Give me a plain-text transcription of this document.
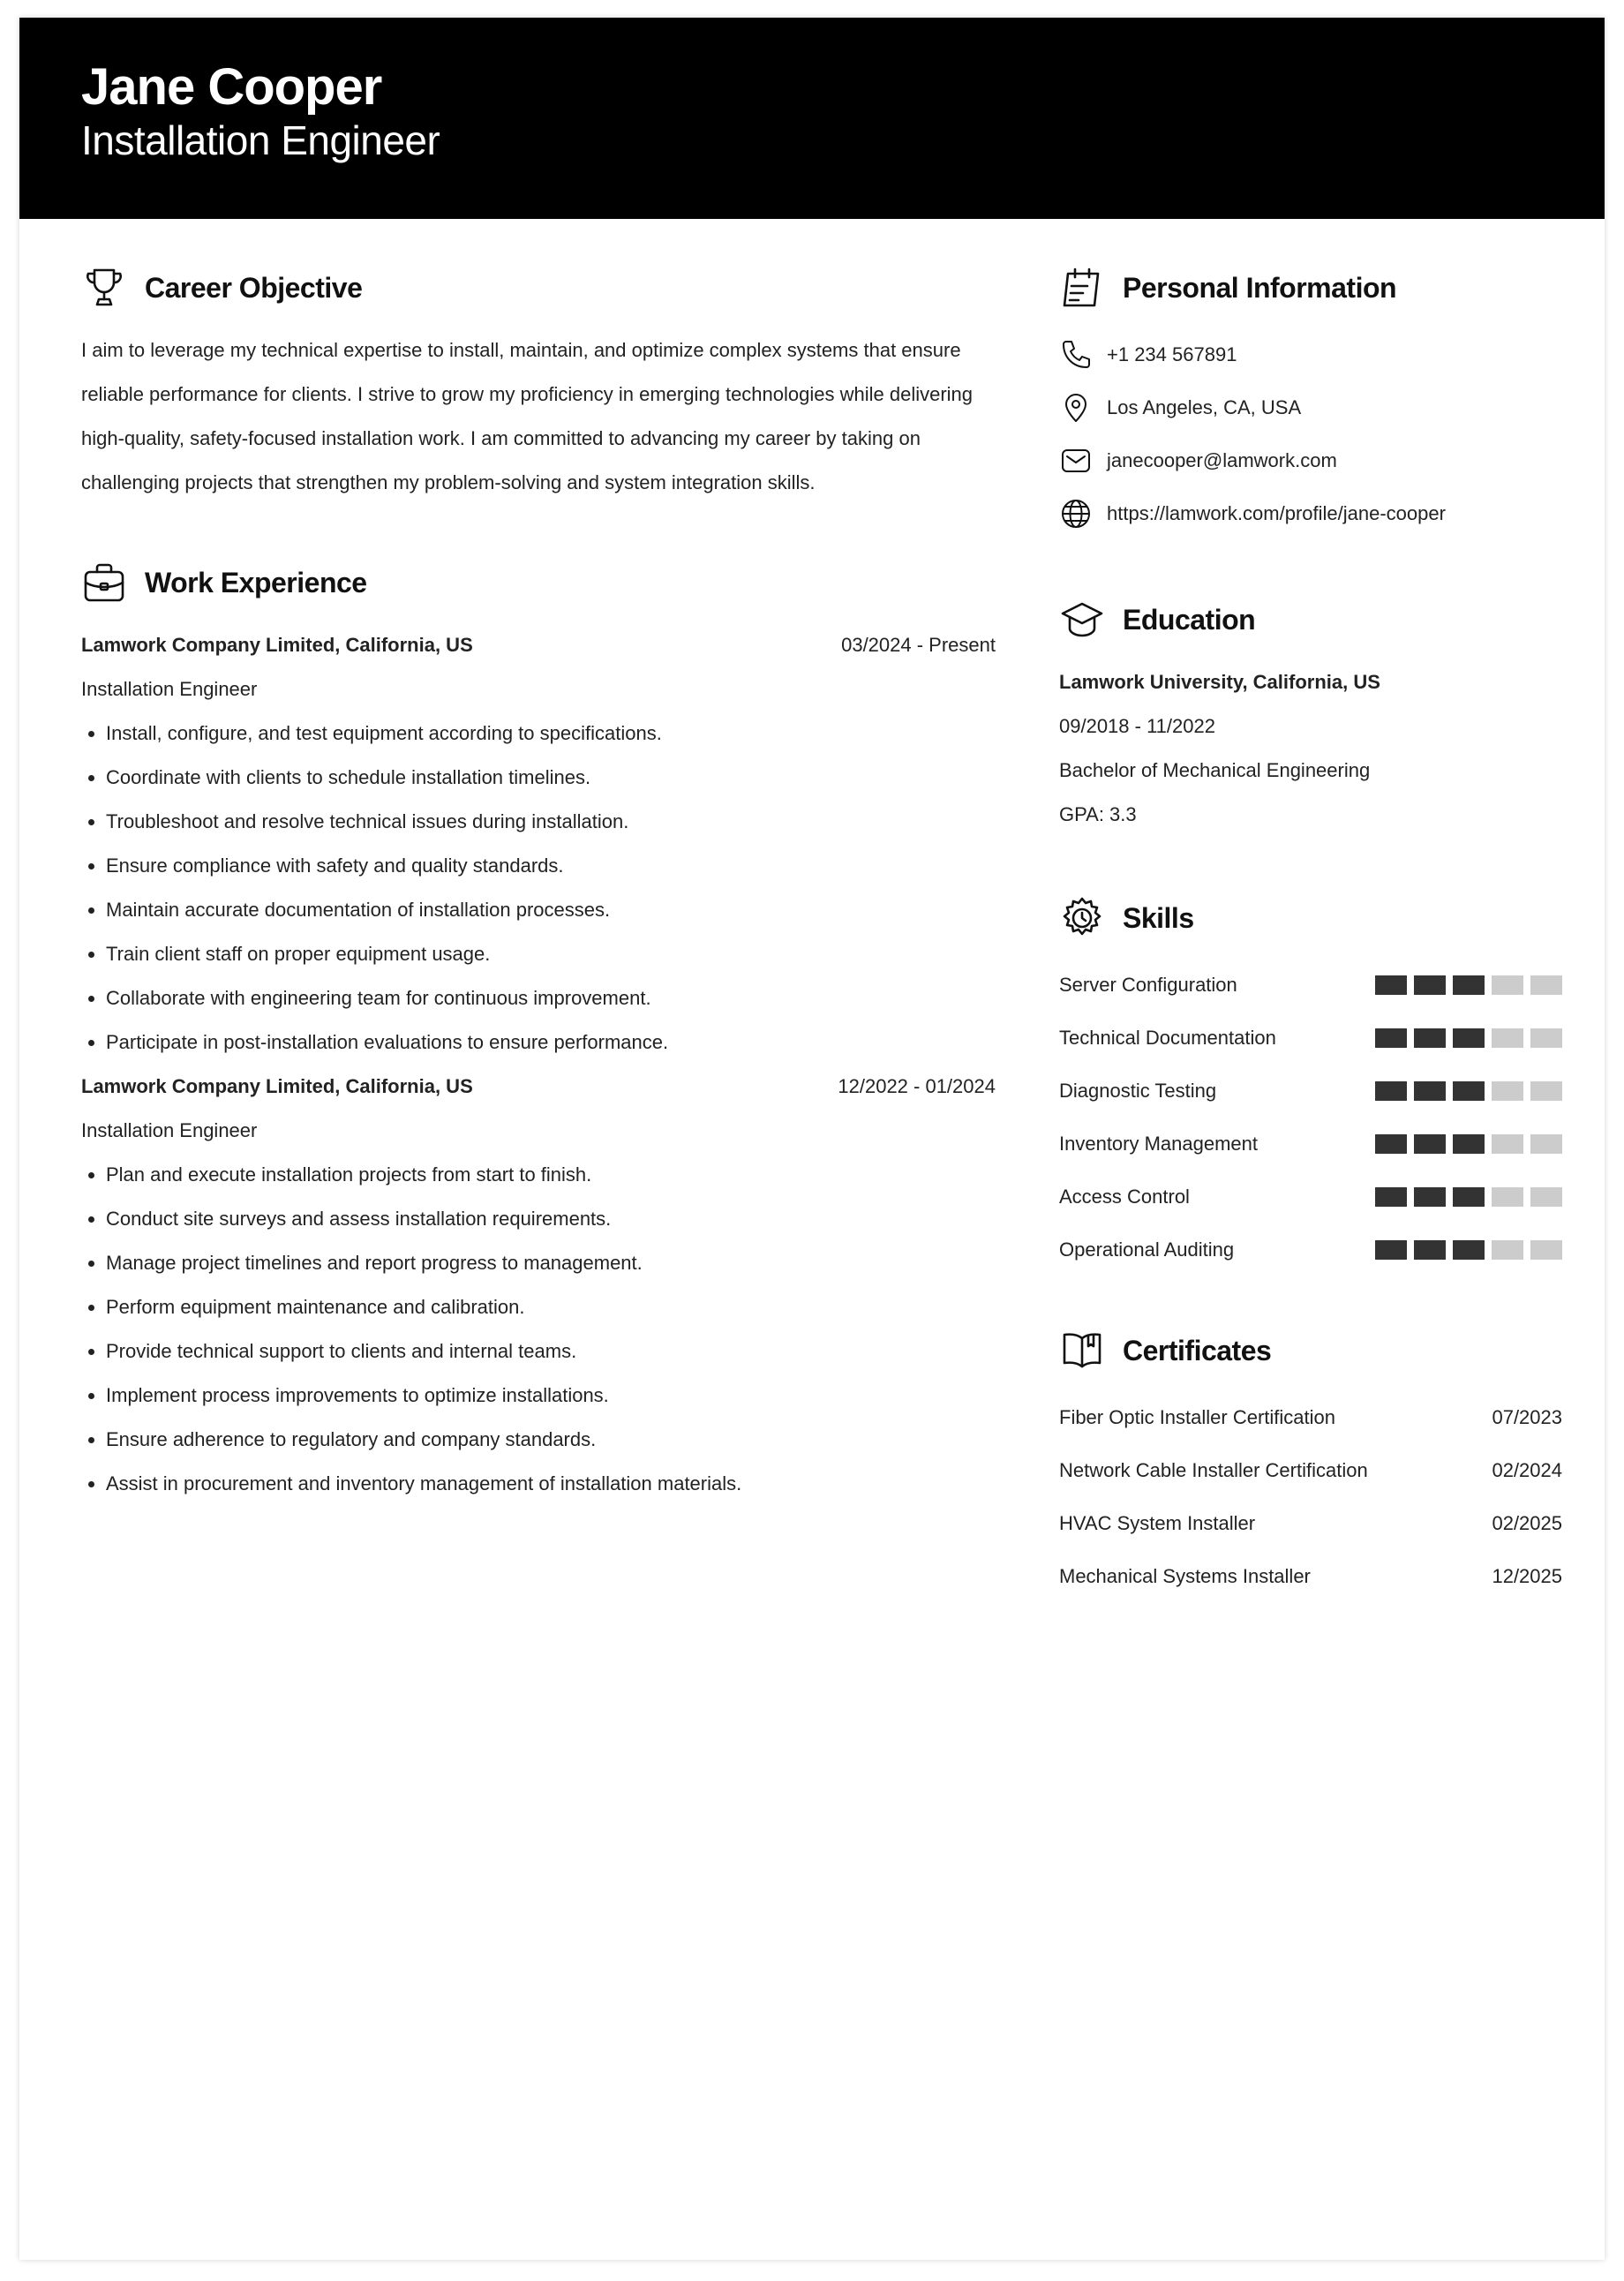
Jane Cooper
Installation Engineer
Career Objective

I aim to leverage my technical expertise to install, maintain, and optimize complex systems that ensure reliable performance for clients. I strive to grow my proficiency in emerging technologies while delivering high-quality, safety-focused installation work. I am committed to advancing my career by taking on challenging projects that strengthen my problem-solving and system integration skills.

Work Experience
Lamwork Company Limited, California, US	03/2024 - Present
Installation Engineer
• Install, configure, and test equipment according to specifications.
• Coordinate with clients to schedule installation timelines.
• Troubleshoot and resolve technical issues during installation.
• Ensure compliance with safety and quality standards.
• Maintain accurate documentation of installation processes.
• Train client staff on proper equipment usage.
• Collaborate with engineering team for continuous improvement.
• Participate in post-installation evaluations to ensure performance.
Lamwork Company Limited, California, US	12/2022 - 01/2024
Installation Engineer
• Plan and execute installation projects from start to finish.
• Conduct site surveys and assess installation requirements.
• Manage project timelines and report progress to management.
• Perform equipment maintenance and calibration.
• Provide technical support to clients and internal teams.
• Implement process improvements to optimize installations.
• Ensure adherence to regulatory and company standards.
• Assist in procurement and inventory management of installation materials.
Personal Information
+1 234 567891
Los Angeles, CA, USA
janecooper@lamwork.com
https://lamwork.com/profile/jane-cooper
Education
Lamwork University, California, US
09/2018 - 11/2022
Bachelor of Mechanical Engineering
GPA: 3.3
Skills
Server Configuration
Technical Documentation
Diagnostic Testing
Inventory Management
Access Control
Operational Auditing
Certificates
Fiber Optic Installer Certification	07/2023
Network Cable Installer Certification	02/2024
HVAC System Installer	02/2025
Mechanical Systems Installer	12/2025
